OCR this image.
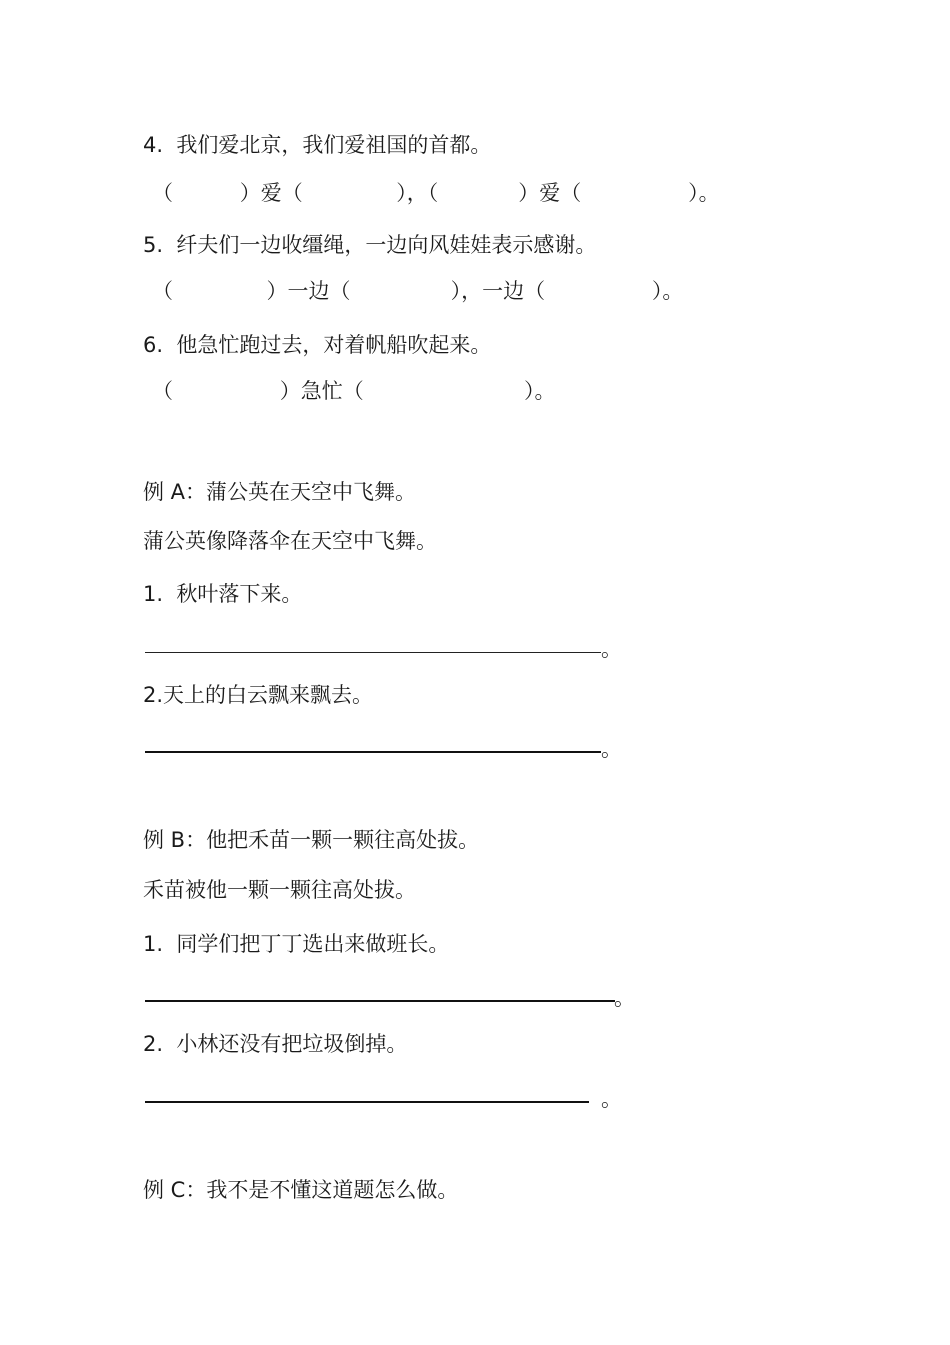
4.  我们爱北京，我们爱祖国的首都。
（          ）爱（              ），（            ）爱（                ）。
5.  纤夫们一边收缰绳，一边向风娃娃表示感谢。
（              ）一边（               ），一边（                ）。
6.  他急忙跑过去，对着帆船吹起来。
（                ）急忙（                        ）。
例 A：蒲公英在天空中飞舞。
蒲公英像降落伞在天空中飞舞。
1.  秋叶落下来。
。
2.天上的白云飘来飘去。
。
例 B：他把禾苗一颗一颗往高处拔。
禾苗被他一颗一颗往高处拔。
1.  同学们把丁丁选出来做班长。
。
2.  小林还没有把垃圾倒掉。
。
例 C：我不是不懂这道题怎么做。
